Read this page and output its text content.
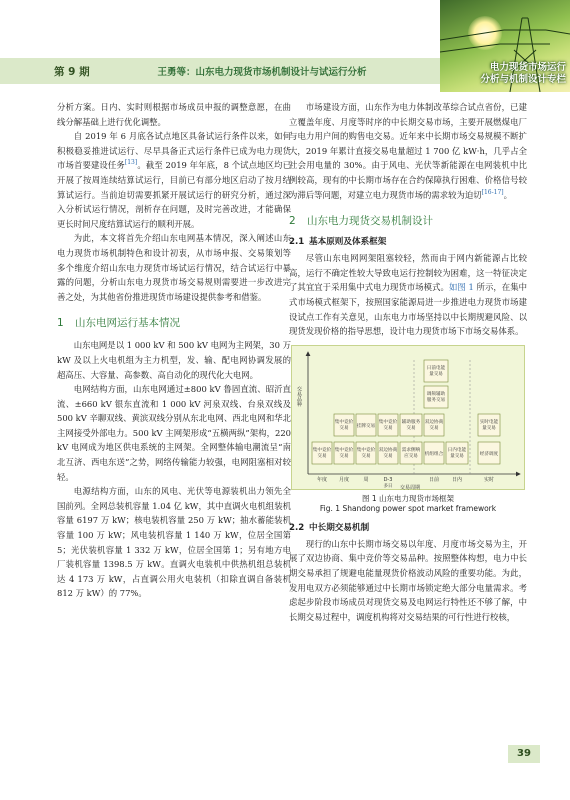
第 9 期	王勇等：山东电力现货市场机制设计与试运行分析	电力现货市场运行
分析与机制设计专栏

分析方案。日内、实时则根据市场成员申报的调整意愿，在曲线分解基础上进行优化调整。

自 2019 年 6 月底各试点地区具备试运行条件以来，如何积极稳妥推进试运行、尽早具备正式运行条件已成为电力现货市场首要建设任务[13]。截至 2019 年年底，8 个试点地区均已开展了按周连续结算试运行，目前已有部分地区启动了按月结算试运行。当前迫切需要抓紧开展试运行的研究分析，通过深入分析试运行情况，剖析存在问题，及时完善改进，才能确保更长时间尺度结算试运行的顺利开展。

为此，本文将首先介绍山东电网基本情况，深入阐述山东电力现货市场机制特色和设计初衷，从市场申报、交易策划等多个维度介绍山东电力现货市场试运行情况，结合试运行中暴露的问题，分析山东电力现货市场交易规则需要进一步改进完善之处，为其他省份推进现货市场建设提供参考和借鉴。

1 山东电网运行基本情况

山东电网是以 1 000 kV 和 500 kV 电网为主网架，30 万 kW 及以上火电机组为主力机型，发、输、配电网协调发展的超高压、大容量、高参数、高自动化的现代化大电网。

电网结构方面，山东电网通过±800 kV 鲁固直流、昭沂直流、±660 kV 银东直流和 1 000 kV 河泉双线、台泉双线及 500 kV 辛聊双线、黄滨双线分别从东北电网、西北电网和华北主网接受外部电力。500 kV 主网架形成“五横两纵”架构，220 kV 电网成为地区供电系统的主网架。全网整体输电潮流呈“南北互济、西电东送”之势，网络传输能力较强，电网阻塞相对较轻。

电源结构方面，山东的风电、光伏等电源装机出力领先全国前列。全网总装机容量 1.04 亿 kW，其中直调火电机组装机容量 6197 万 kW；核电装机容量 250 万 kW；抽水蓄能装机容量 100 万 kW；风电装机容量 1 140 万 kW，位居全国第 5；光伏装机容量 1 332 万 kW，位居全国第 1；另有地方电厂装机容量 1398.5 万 kW。直调火电装机中供热机组总装机达 4 173 万 kW，占直调公用火电装机（扣除直调自备装机 812 万 kW）的 77%。

市场建设方面，山东作为电力体制改革综合试点省份，已建立覆盖年度、月度等时序的中长期交易市场，主要开展燃煤电厂与电力用户间的购售电交易。近年来中长期市场交易规模不断扩大，2019 年累计直接交易电量超过 1 700 亿 kW·h，几乎占全社会用电量的 30%。由于风电、光伏等新能源在电网装机中比例较高，现有的中长期市场存在合约保障执行困难、价格信号较为滞后等问题，对建立电力现货市场的需求较为迫切[16-17]。

2 山东电力现货交易机制设计
2.1 基本原则及体系框架

尽管山东电网网架阻塞较轻，然而由于网内新能源占比较高，运行不确定性较大导致电运行控制较为困难，这一特征决定了其宜宜于采用集中式电力现货市场模式。如图 1 所示，在集中式市场模式框架下，按照国家能源局进一步推进电力现货市场建设试点工作有关意见，山东电力市场坚持以中长期规避风险、以现货发现价格的指导思想，设计电力现货市场下市场交易体系。

交易品种
集中竞价交易
集中竞价交易
集中竞价交易
双边协商交易
需求侧响应交易	机组组合
日内电能量交易	经济调度
集中竞价交易	挂牌交易
集中竞价交易
辅助服务交易
双边协商交易
实时电能量交易
日前电能量交易
调频辅助服务交易
年度 月度	周	D-3
多日
日前	日内	实时
交易周期
图 1 山东电力现货市场框架
Fig. 1 Shandong power spot market framework
2.2 中长期交易机制

现行的山东中长期市场交易以年度、月度市场交易为主，开展了双边协商、集中竞价等交易品种。按照整体构想，电力中长期交易承担了规避电能量现货价格波动风险的重要功能。为此，发用电双方必须能够通过中长期市场锁定绝大部分电量需求。考虑起步阶段市场成员对现货交易及电网运行特性还不够了解，中长期交易过程中，调度机构将对交易结果的可行性进行校核，

39
